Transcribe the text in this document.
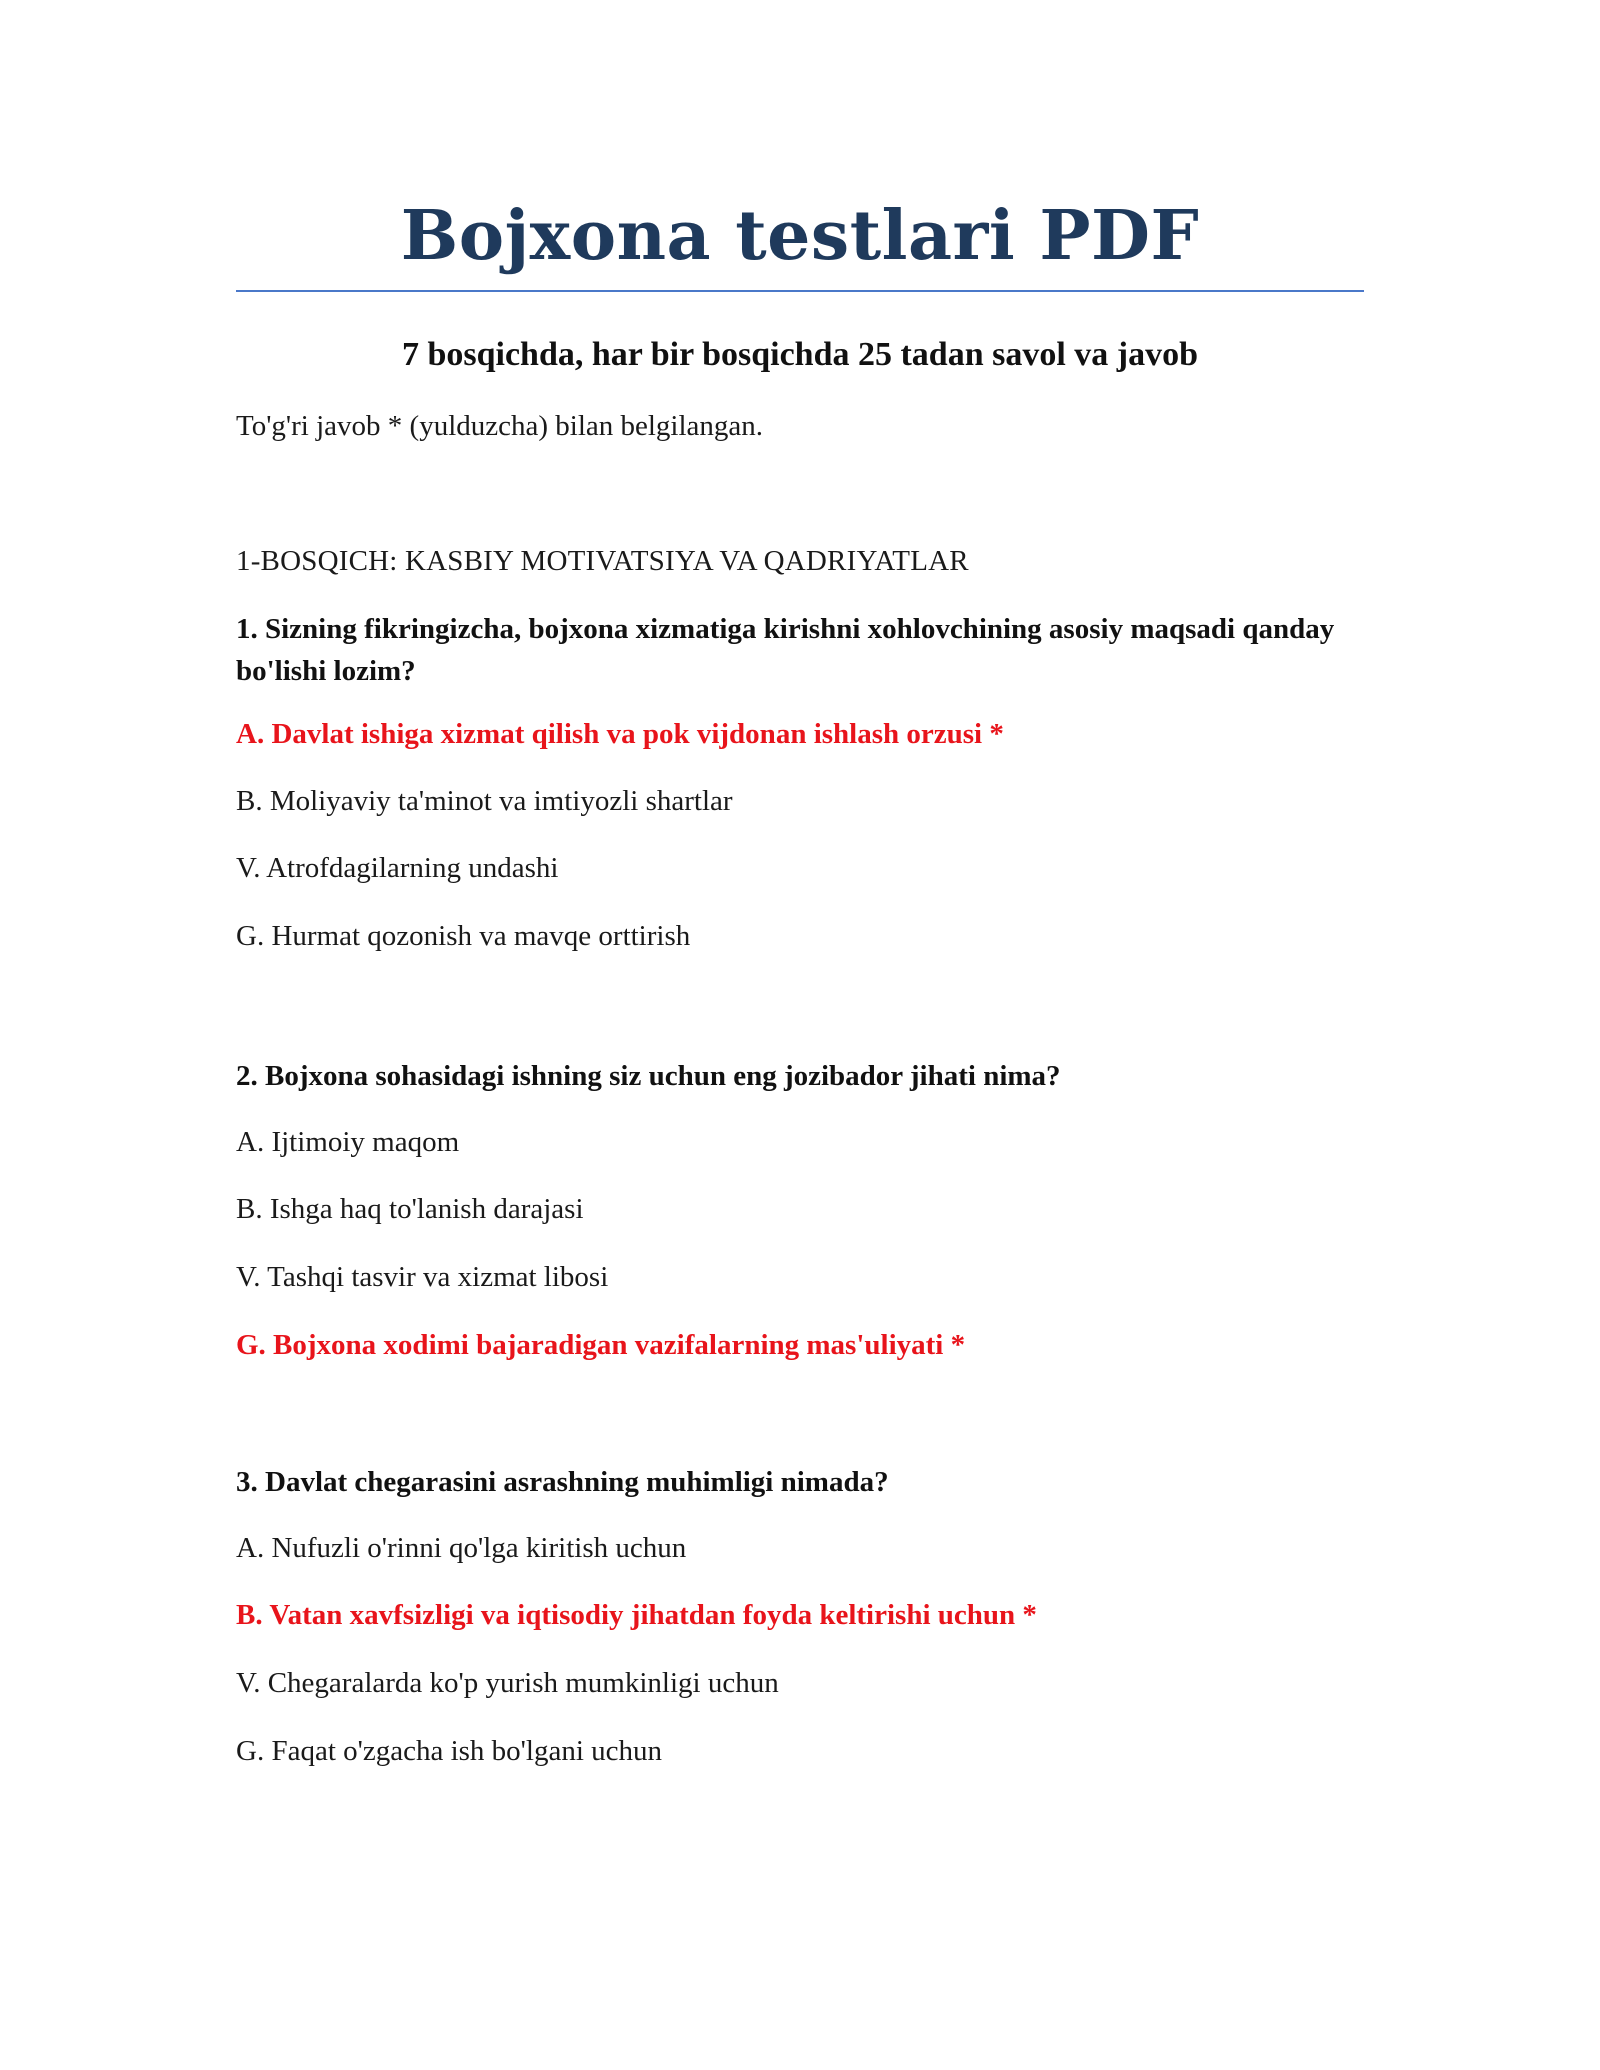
Bojxona testlari PDF
7 bosqichda, har bir bosqichda 25 tadan savol va javob
To'g'ri javob * (yulduzcha) bilan belgilangan.
1-BOSQICH: KASBIY MOTIVATSIYA VA QADRIYATLAR

1. Sizning fikringizcha, bojxona xizmatiga kirishni xohlovchining asosiy maqsadi qanday bo'lishi lozim?

A. Davlat ishiga xizmat qilish va pok vijdonan ishlash orzusi *

B. Moliyaviy ta'minot va imtiyozli shartlar

V. Atrofdagilarning undashi

G. Hurmat qozonish va mavqe orttirish

2. Bojxona sohasidagi ishning siz uchun eng jozibador jihati nima?

A. Ijtimoiy maqom

B. Ishga haq to'lanish darajasi

V. Tashqi tasvir va xizmat libosi

G. Bojxona xodimi bajaradigan vazifalarning mas'uliyati *

3. Davlat chegarasini asrashning muhimligi nimada?

A. Nufuzli o'rinni qo'lga kiritish uchun

B. Vatan xavfsizligi va iqtisodiy jihatdan foyda keltirishi uchun *

V. Chegaralarda ko'p yurish mumkinligi uchun

G. Faqat o'zgacha ish bo'lgani uchun
